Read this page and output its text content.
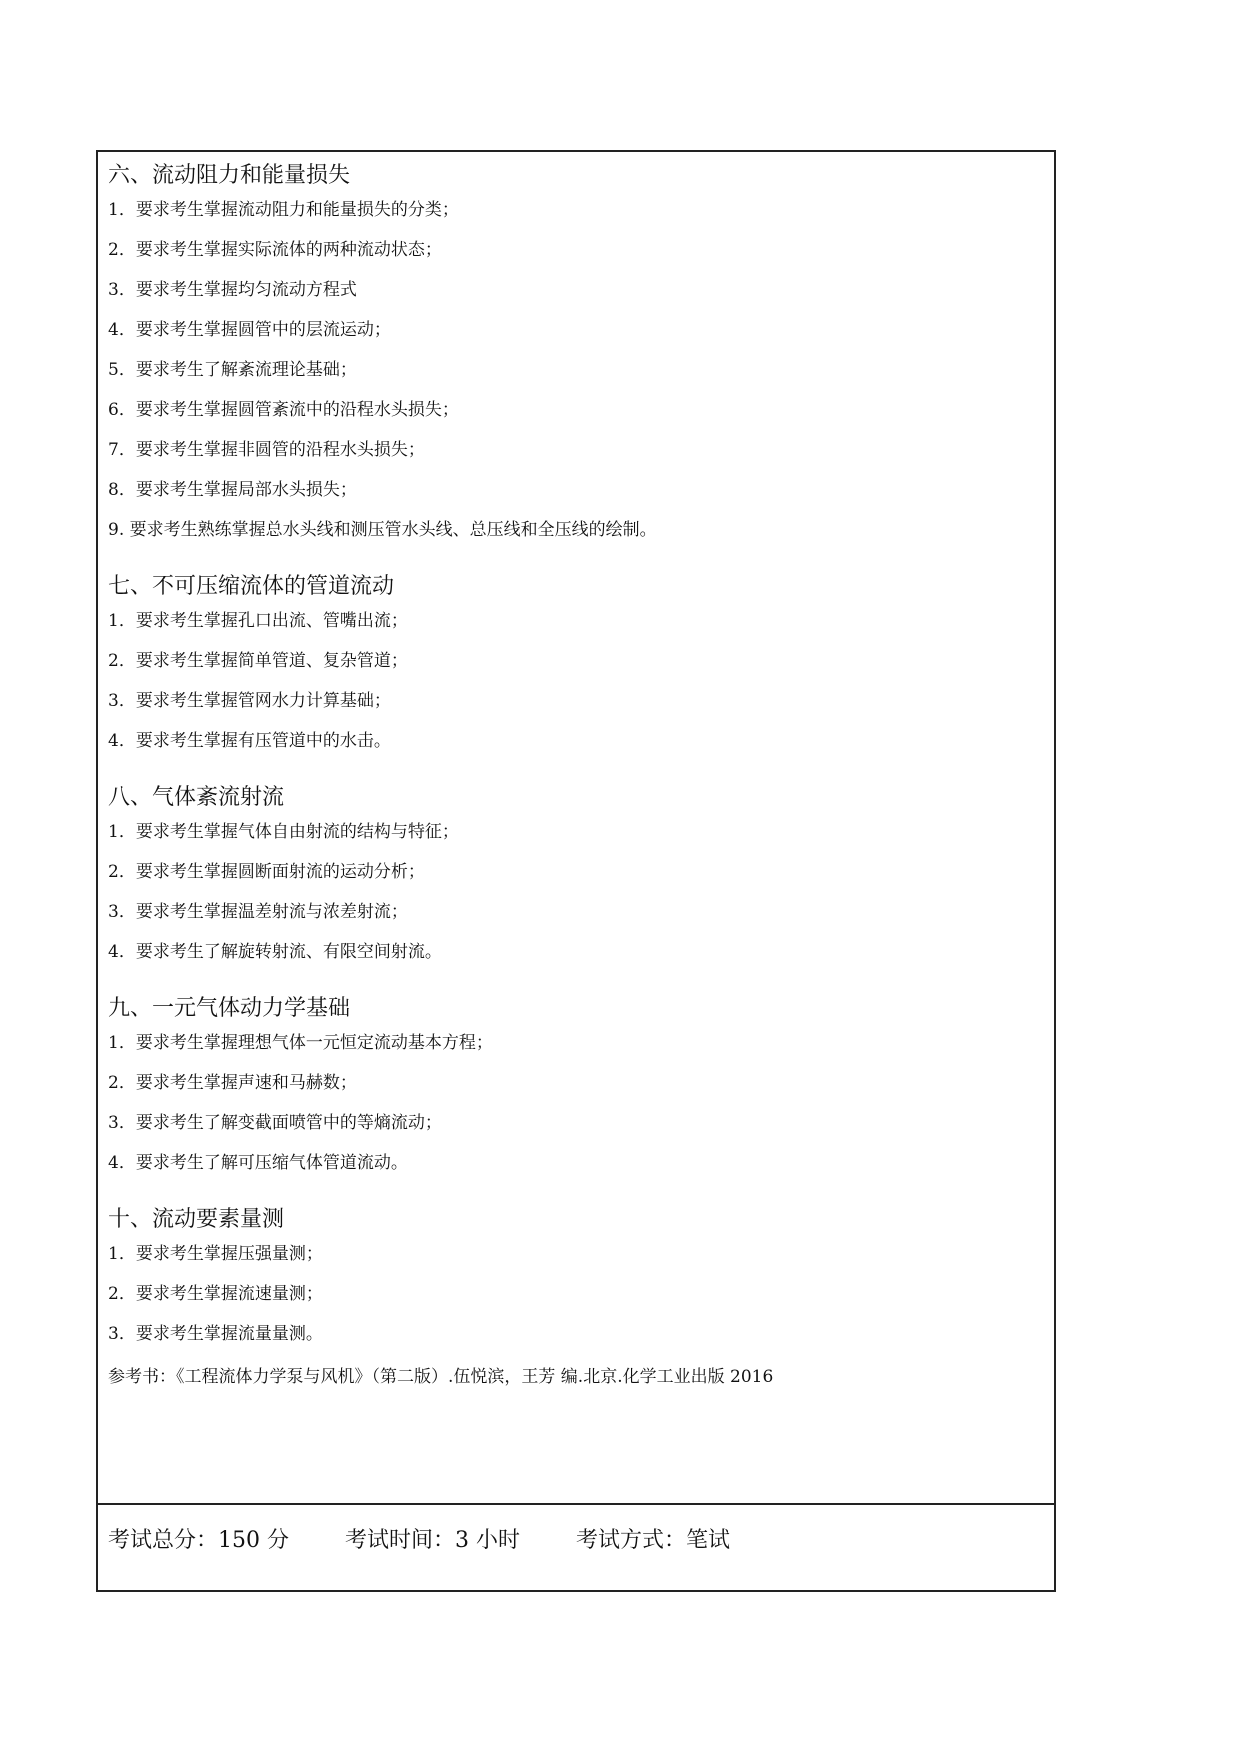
六、流动阻力和能量损失
1．要求考生掌握流动阻力和能量损失的分类；
2．要求考生掌握实际流体的两种流动状态；
3．要求考生掌握均匀流动方程式
4．要求考生掌握圆管中的层流运动；
5．要求考生了解紊流理论基础；
6．要求考生掌握圆管紊流中的沿程水头损失；
7．要求考生掌握非圆管的沿程水头损失；
8．要求考生掌握局部水头损失；
9. 要求考生熟练掌握总水头线和测压管水头线、总压线和全压线的绘制。
七、不可压缩流体的管道流动
1．要求考生掌握孔口出流、管嘴出流；
2．要求考生掌握简单管道、复杂管道；
3．要求考生掌握管网水力计算基础；
4．要求考生掌握有压管道中的水击。
八、气体紊流射流
1．要求考生掌握气体自由射流的结构与特征；
2．要求考生掌握圆断面射流的运动分析；
3．要求考生掌握温差射流与浓差射流；
4．要求考生了解旋转射流、有限空间射流。
九、一元气体动力学基础
1．要求考生掌握理想气体一元恒定流动基本方程；
2．要求考生掌握声速和马赫数；
3．要求考生了解变截面喷管中的等熵流动；
4．要求考生了解可压缩气体管道流动。
十、流动要素量测
1．要求考生掌握压强量测；
2．要求考生掌握流速量测；
3．要求考生掌握流量量测。
参考书：《工程流体力学泵与风机》（第二版）.伍悦滨，王芳 编.北京.化学工业出版 2016
考试总分：150 分	考试时间：3 小时	考试方式：笔试
